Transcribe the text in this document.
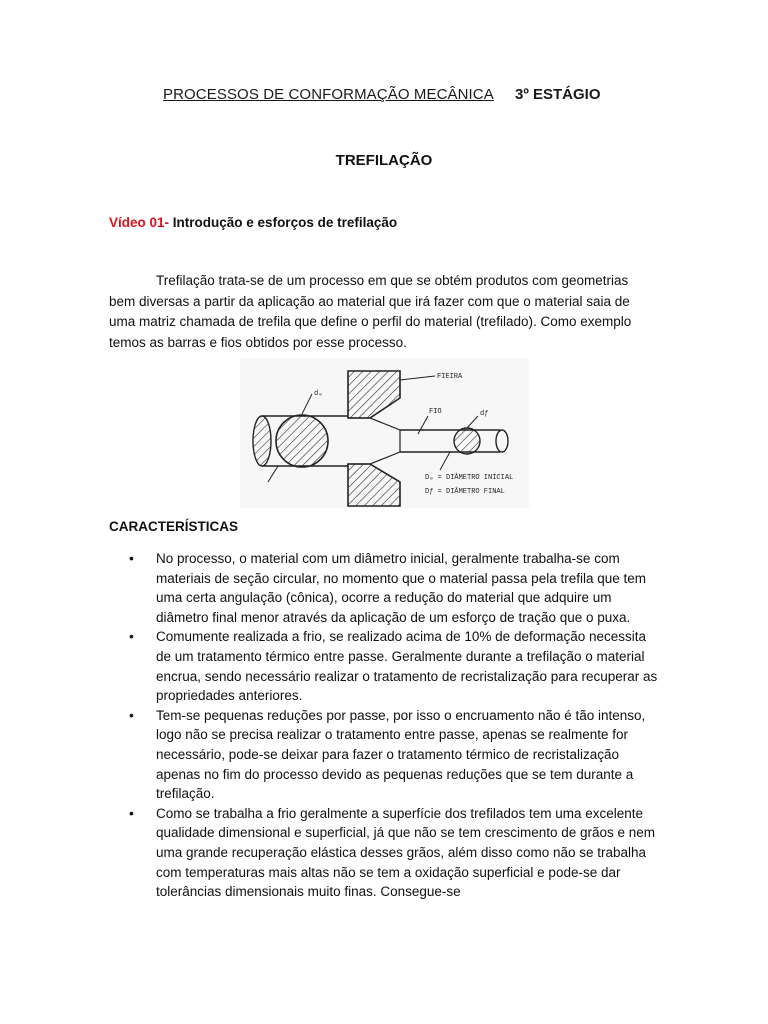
PROCESSOS DE CONFORMAÇÃO MECÂNICA 3º ESTÁGIO
TREFILAÇÃO
Vídeo 01- Introdução e esforços de trefilação

Trefilação trata-se de um processo em que se obtém produtos com geometrias bem diversas a partir da aplicação ao material que irá fazer com que o material saia de uma matriz chamada de trefila que define o perfil do material (trefilado). Como exemplo temos as barras e fios obtidos por esse processo.

FIEIRA
FIO
d₀
dƒ
D₀ = DIÂMETRO INICIAL
Dƒ = DIÂMETRO FINAL
CARACTERÍSTICAS
• No processo, o material com um diâmetro inicial, geralmente trabalha-se com materiais de seção circular, no momento que o material passa pela trefila que tem uma certa angulação (cônica), ocorre a redução do material que adquire um diâmetro final menor através da aplicação de um esforço de tração que o puxa.
• Comumente realizada a frio, se realizado acima de 10% de deformação necessita de um tratamento térmico entre passe. Geralmente durante a trefilação o material encrua, sendo necessário realizar o tratamento de recristalização para recuperar as propriedades anteriores.
• Tem-se pequenas reduções por passe, por isso o encruamento não é tão intenso, logo não se precisa realizar o tratamento entre passe, apenas se realmente for necessário, pode-se deixar para fazer o tratamento térmico de recristalização apenas no fim do processo devido as pequenas reduções que se tem durante a trefilação.
• Como se trabalha a frio geralmente a superfície dos trefilados tem uma excelente qualidade dimensional e superficial, já que não se tem crescimento de grãos e nem uma grande recuperação elástica desses grãos, além disso como não se trabalha com temperaturas mais altas não se tem a oxidação superficial e pode-se dar tolerâncias dimensionais muito finas. Consegue-se
